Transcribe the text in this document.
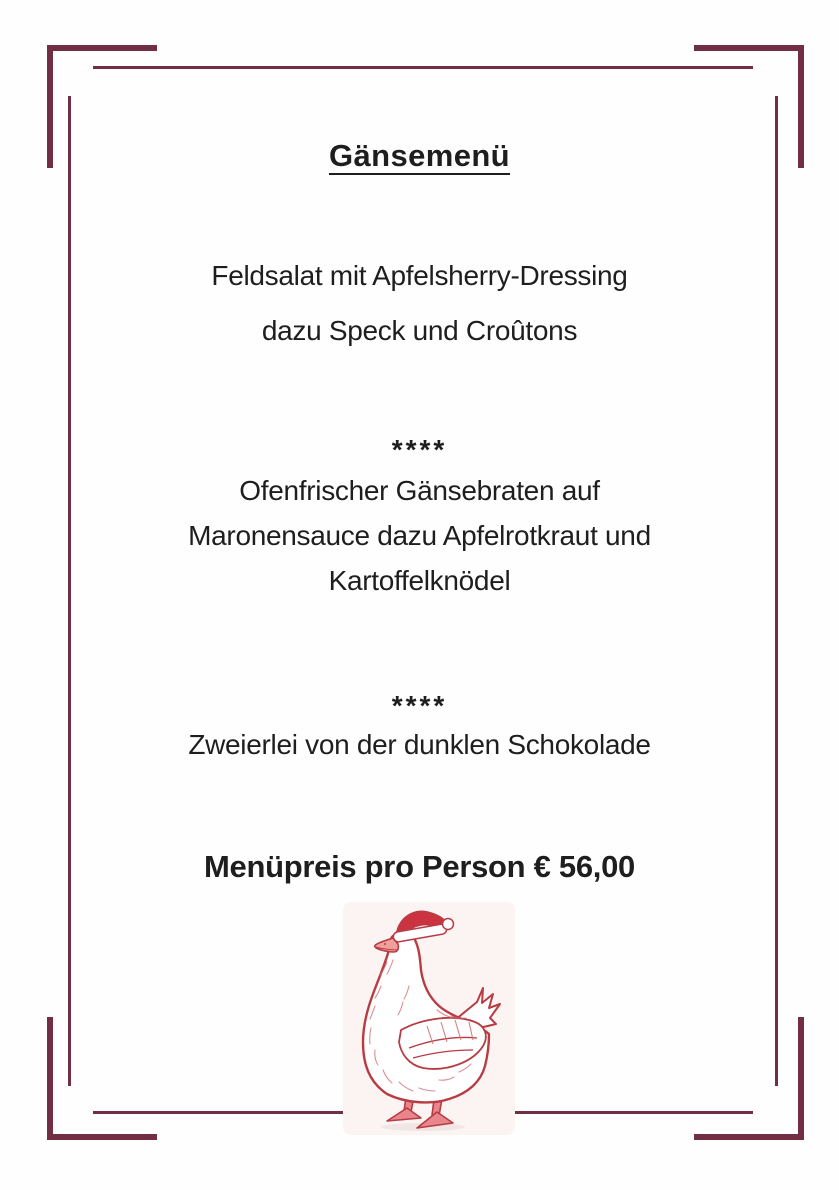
Gänsemenü

Feldsalat mit Apfelsherry-Dressing

dazu Speck und Croûtons

****

Ofenfrischer Gänsebraten auf

Maronensauce dazu Apfelrotkraut und

Kartoffelknödel

****

Zweierlei von der dunklen Schokolade

Menüpreis pro Person € 56,00
